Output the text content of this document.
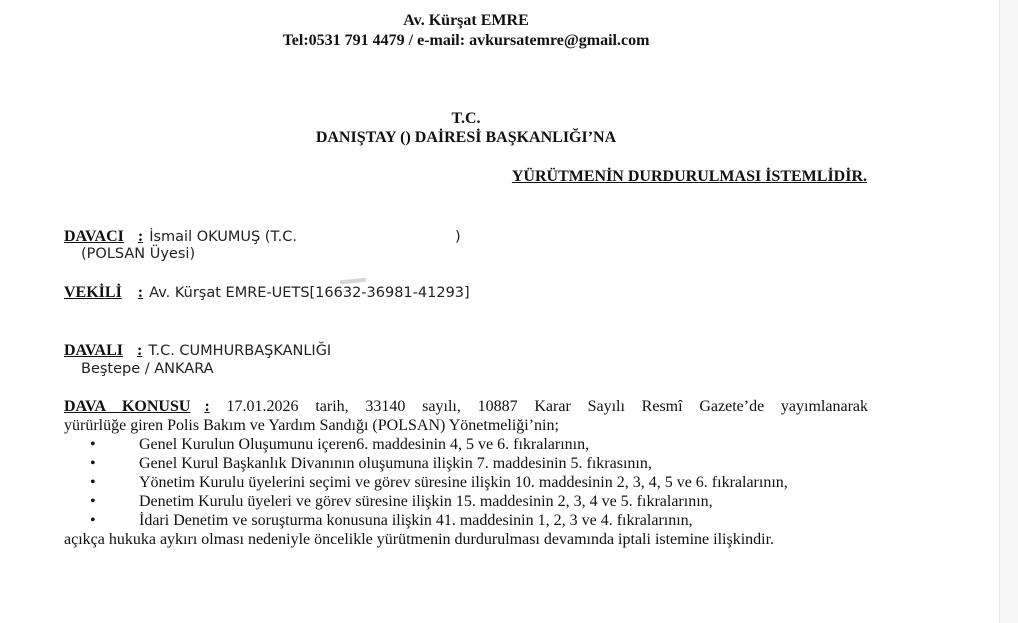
Av. Kürşat EMRE
Tel:0531 791 4479 / e-mail: avkursatemre@gmail.com
T.C.
DANIŞTAY () DAİRESİ BAŞKANLIĞI’NA
YÜRÜTMENİN DURDURULMASI İSTEMLİDİR.
DAVACI : İsmail OKUMUŞ (T.C.	)
(POLSAN Üyesi)
VEKİLİ : Av. Kürşat EMRE-UETS[16632-36981-41293]
DAVALI : T.C. CUMHURBAŞKANLIĞI
Beştepe / ANKARA
DAVA KONUSU : 17.01.2026 tarih, 33140 sayılı, 10887 Karar Sayılı Resmî Gazete’de yayımlanarak
yürürlüğe giren Polis Bakım ve Yardım Sandığı (POLSAN) Yönetmeliği’nin;
•	Genel Kurulun Oluşumunu içeren6. maddesinin 4, 5 ve 6. fıkralarının,
•	Genel Kurul Başkanlık Divanının oluşumuna ilişkin 7. maddesinin 5. fıkrasının,
•	Yönetim Kurulu üyelerini seçimi ve görev süresine ilişkin 10. maddesinin 2, 3, 4, 5 ve 6. fıkralarının,
•	Denetim Kurulu üyeleri ve görev süresine ilişkin 15. maddesinin 2, 3, 4 ve 5. fıkralarının,
•	İdari Denetim ve soruşturma konusuna ilişkin 41. maddesinin 1, 2, 3 ve 4. fıkralarının,
açıkça hukuka aykırı olması nedeniyle öncelikle yürütmenin durdurulması devamında iptali istemine ilişkindir.
